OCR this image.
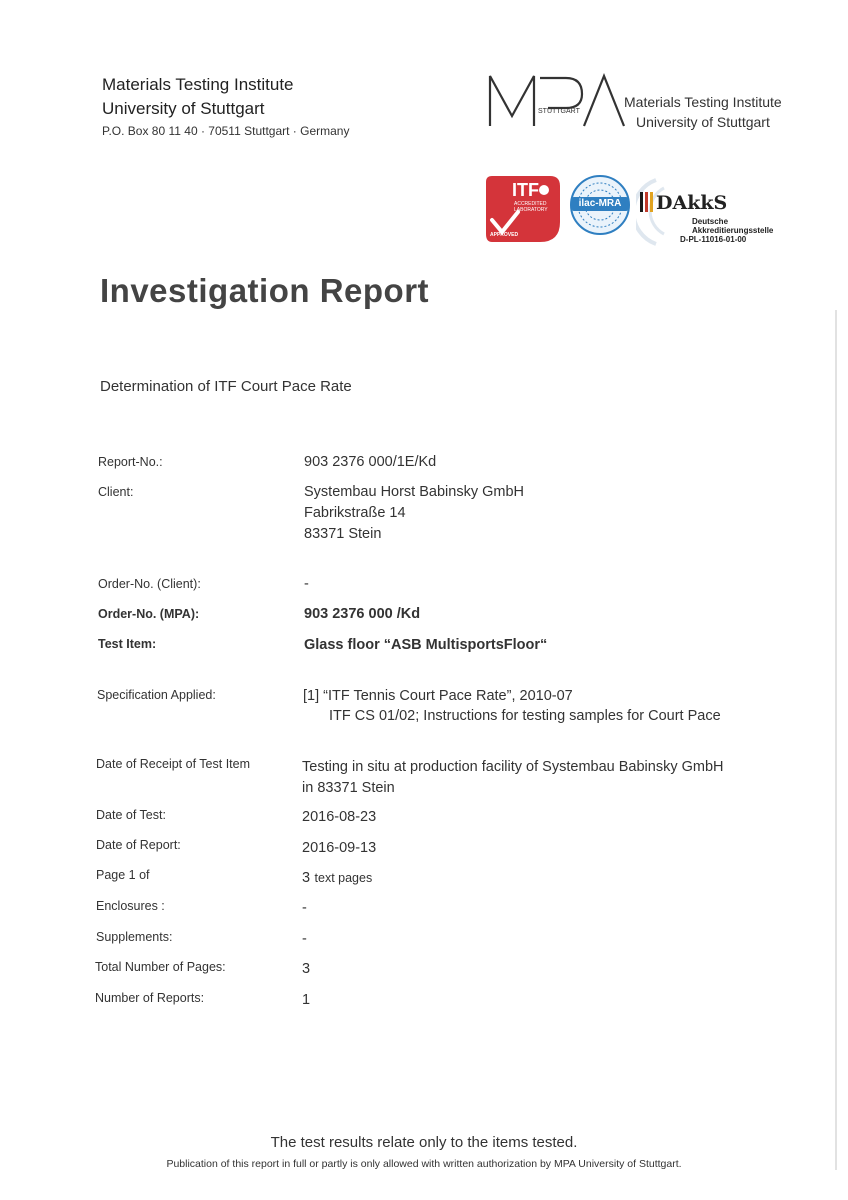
Materials Testing Institute
University of Stuttgart
P.O. Box 80 11 40 · 70511 Stuttgart · Germany
STUTTGART
Materials Testing Institute
University of Stuttgart
ITF
ACCREDITED
LABORATORY
APPROVED
ilac-MRA	DAkkS
Deutsche
Akkreditierungsstelle
D-PL-11016-01-00
Investigation Report
Determination of ITF Court Pace Rate
Report-No.:	903 2376 000/1E/Kd
Client:	Systembau Horst Babinsky GmbH
Fabrikstraße 14
83371 Stein
Order-No. (Client):	-
Order-No. (MPA):	903 2376 000 /Kd
Test Item:	Glass floor “ASB MultisportsFloor“
Specification Applied:	[1] “ITF Tennis Court Pace Rate”, 2010-07
ITF CS 01/02; Instructions for testing samples for Court Pace
Date of Receipt of Test Item	Testing in situ at production facility of Systembau Babinsky GmbH
in 83371 Stein
Date of Test:	2016-08-23
Date of Report:	2016-09-13
Page 1 of	3 text pages
Enclosures :	-
Supplements:	-
Total Number of Pages:	3
Number of Reports:	1
The test results relate only to the items tested.
Publication of this report in full or partly is only allowed with written authorization by MPA University of Stuttgart.
